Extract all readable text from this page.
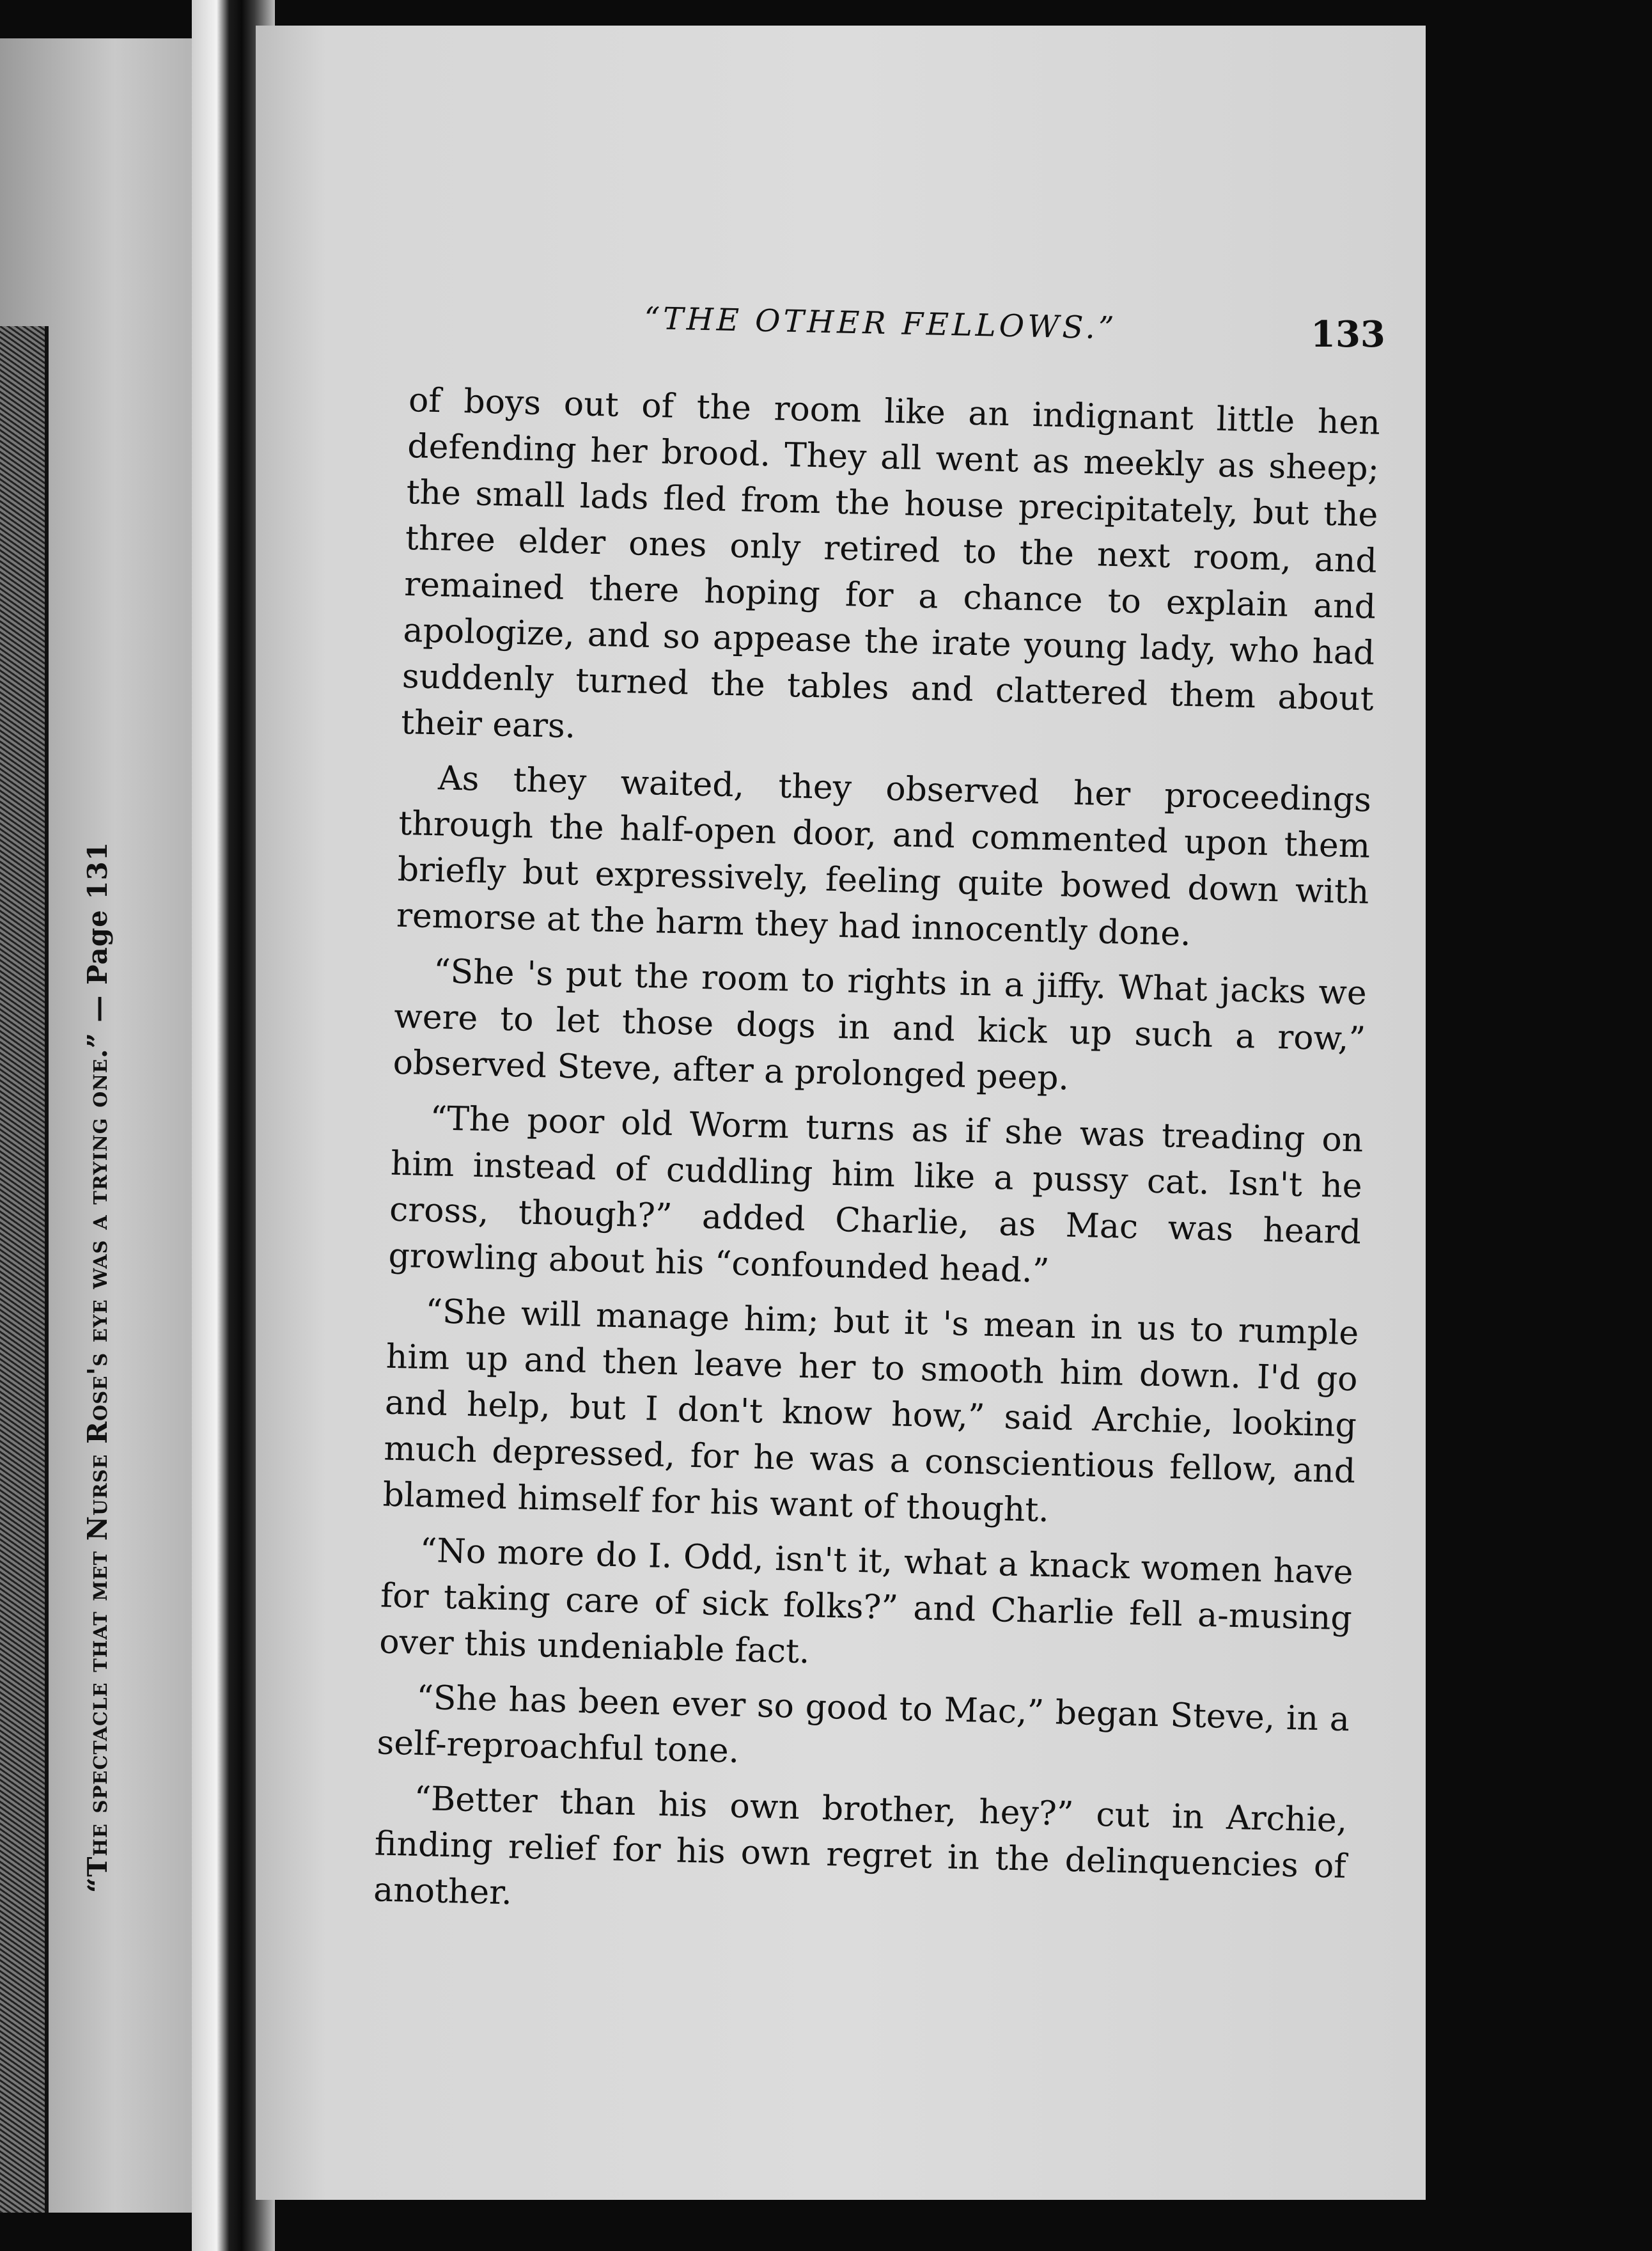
“The spectacle that met Nurse Rose's eye was a trying one.” — Page 131
“THE OTHER FELLOWS.”	133

of boys out of the room like an indignant little hen defending her brood. They all went as meekly as sheep; the small lads fled from the house precipitately, but the three elder ones only retired to the next room, and remained there hoping for a chance to explain and apologize, and so appease the irate young lady, who had suddenly turned the tables and clattered them about their ears.

As they waited, they observed her proceedings through the half-open door, and commented upon them briefly but expressively, feeling quite bowed down with remorse at the harm they had innocently done.

“She 's put the room to rights in a jiffy. What jacks we were to let those dogs in and kick up such a row,” observed Steve, after a prolonged peep.

“The poor old Worm turns as if she was treading on him instead of cuddling him like a pussy cat. Isn't he cross, though?” added Charlie, as Mac was heard growling about his “confounded head.”

“She will manage him; but it 's mean in us to rumple him up and then leave her to smooth him down. I'd go and help, but I don't know how,” said Archie, looking much depressed, for he was a conscientious fellow, and blamed himself for his want of thought.

“No more do I. Odd, isn't it, what a knack women have for taking care of sick folks?” and Charlie fell a-musing over this undeniable fact.

“She has been ever so good to Mac,” began Steve, in a self-reproachful tone.

“Better than his own brother, hey?” cut in Archie, finding relief for his own regret in the delinquencies of another.
